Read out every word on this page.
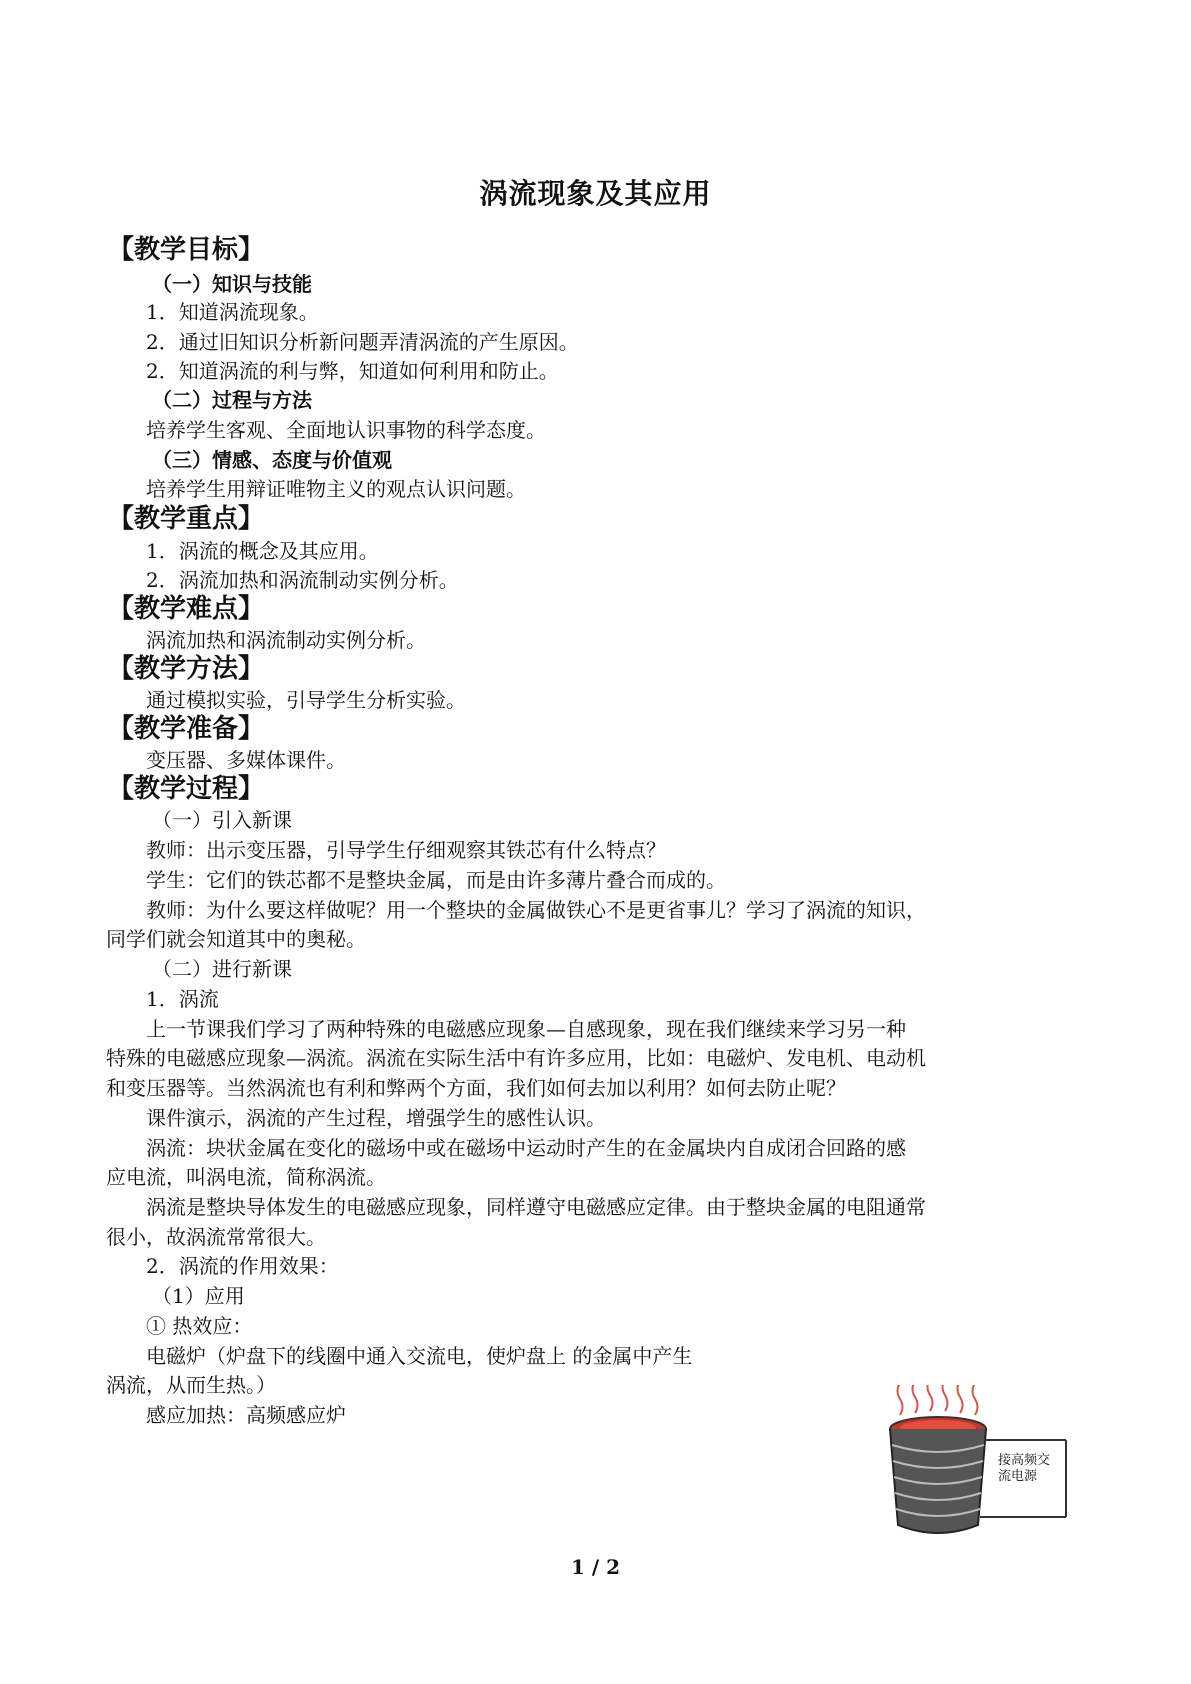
涡流现象及其应用
【教学目标】
（一）知识与技能
1．知道涡流现象。
2．通过旧知识分析新问题弄清涡流的产生原因。
2．知道涡流的利与弊，知道如何利用和防止。
（二）过程与方法
培养学生客观、全面地认识事物的科学态度。
（三）情感、态度与价值观
培养学生用辩证唯物主义的观点认识问题。
【教学重点】
1．涡流的概念及其应用。
2．涡流加热和涡流制动实例分析。
【教学难点】
涡流加热和涡流制动实例分析。
【教学方法】
通过模拟实验，引导学生分析实验。
【教学准备】
变压器、多媒体课件。
【教学过程】
（一）引入新课
教师：出示变压器，引导学生仔细观察其铁芯有什么特点？
学生：它们的铁芯都不是整块金属，而是由许多薄片叠合而成的。
教师：为什么要这样做呢？用一个整块的金属做铁心不是更省事儿？学习了涡流的知识，
同学们就会知道其中的奥秘。
（二）进行新课
1．涡流
上一节课我们学习了两种特殊的电磁感应现象—自感现象，现在我们继续来学习另一种
特殊的电磁感应现象—涡流。涡流在实际生活中有许多应用，比如：电磁炉、发电机、电动机
和变压器等。当然涡流也有利和弊两个方面，我们如何去加以利用？如何去防止呢？
课件演示，涡流的产生过程，增强学生的感性认识。
涡流：块状金属在变化的磁场中或在磁场中运动时产生的在金属块内自成闭合回路的感
应电流，叫涡电流，简称涡流。
涡流是整块导体发生的电磁感应现象，同样遵守电磁感应定律。由于整块金属的电阻通常
很小，故涡流常常很大。
2．涡流的作用效果：
（1）应用
① 热效应：
电磁炉（炉盘下的线圈中通入交流电，使炉盘上 的金属中产生
涡流，从而生热。）
感应加热：高频感应炉
接高频交
流电源
1 / 2
